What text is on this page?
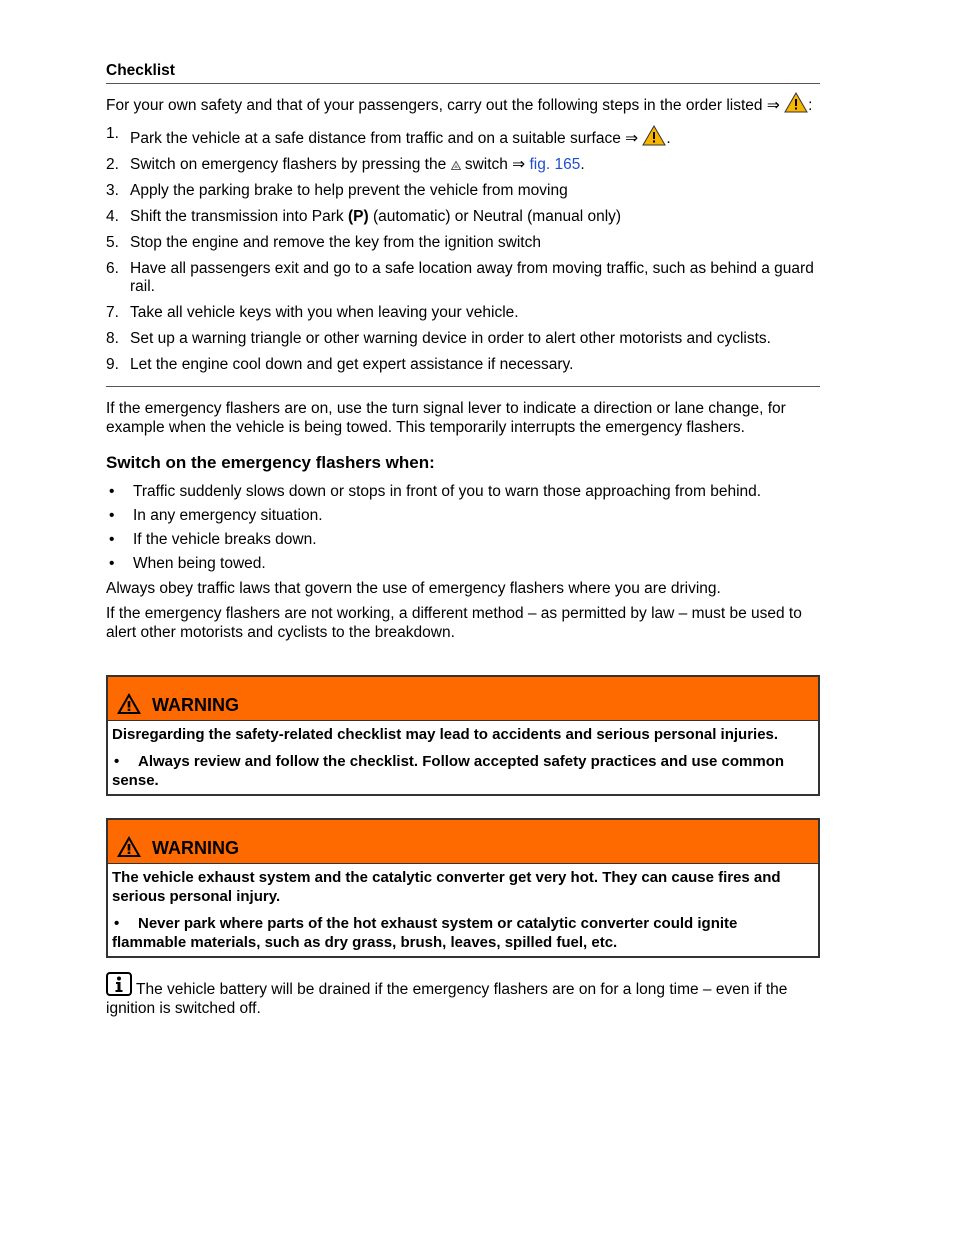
Checklist

For your own safety and that of your passengers, carry out the following steps in the order listed ⇒ :

1. Park the vehicle at a safe distance from traffic and on a suitable surface ⇒ .
2. Switch on emergency flashers by pressing the switch ⇒ fig. 165.
3. Apply the parking brake to help prevent the vehicle from moving
4. Shift the transmission into Park (P) (automatic) or Neutral (manual only)
5. Stop the engine and remove the key from the ignition switch
6. Have all passengers exit and go to a safe location away from moving traffic, such as behind a guard rail.
7. Take all vehicle keys with you when leaving your vehicle.
8. Set up a warning triangle or other warning device in order to alert other motorists and cyclists.
9. Let the engine cool down and get expert assistance if necessary.

If the emergency flashers are on, use the turn signal lever to indicate a direction or lane change, for example when the vehicle is being towed. This temporarily interrupts the emergency flashers.

Switch on the emergency flashers when:
•	Traffic suddenly slows down or stops in front of you to warn those approaching from behind.
•	In any emergency situation.
•	If the vehicle breaks down.
•	When being towed.

Always obey traffic laws that govern the use of emergency flashers where you are driving.

If the emergency flashers are not working, a different method – as permitted by law – must be used to alert other motorists and cyclists to the breakdown.

WARNING

Disregarding the safety-related checklist may lead to accidents and serious personal injuries.

• Always review and follow the checklist. Follow accepted safety practices and use common sense.

WARNING

The vehicle exhaust system and the catalytic converter get very hot. They can cause fires and serious personal injury.

• Never park where parts of the hot exhaust system or catalytic converter could ignite flammable materials, such as dry grass, brush, leaves, spilled fuel, etc.

The vehicle battery will be drained if the emergency flashers are on for a long time – even if the ignition is switched off.
